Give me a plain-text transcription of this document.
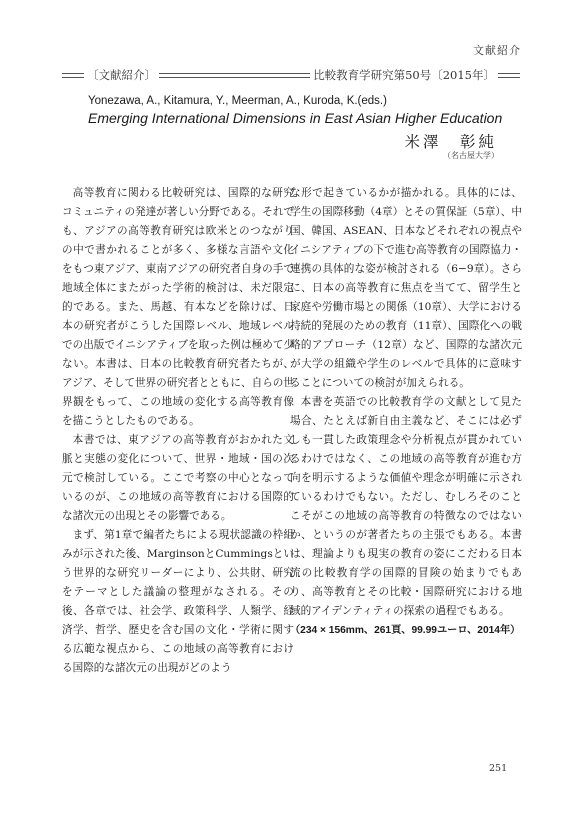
文献紹介
〔文献紹介〕	比較教育学研究第50号〔2015年〕
Yonezawa, A., Kitamura, Y., Meerman, A., Kuroda, K.(eds.)
Emerging International Dimensions in East Asian Higher Education
米澤　彰純
（名古屋大学）

高等教育に関わる比較研究は、国際的な研究コミュニティの発達が著しい分野である。それでも、アジアの高等教育研究は欧米とのつながりの中で書かれることが多く、多様な言語や文化をもつ東アジア、東南アジアの研究者自身の手で地域全体にまたがった学術的検討は、未だ限定的である。また、馬越、有本などを除けば、日本の研究者がこうした国際レベル、地域レベルでの出版でイニシアティブを取った例は極めて少ない。本書は、日本の比較教育研究者たちが、アジア、そして世界の研究者とともに、自らの世界観をもって、この地域の変化する高等教育像を描こうとしたものである。

本書では、東アジアの高等教育がおかれた文脈と実態の変化について、世界・地域・国の次元で検討している。ここで考察の中心となっているのが、この地域の高等教育における国際的な諸次元の出現とその影響である。

まず、第1章で編者たちによる現状認識の枠組みが示された後、MarginsonとCummingsという世界的な研究リーダーにより、公共財、研究をテーマとした議論の整理がなされる。その後、各章では、社会学、政策科学、人類学、経済学、哲学、歴史を含む国の文化・学術に関する広範な視点から、この地域の高等教育における国際的な諸次元の出現がどのよう

な形で起きているかが描かれる。具体的には、学生の国際移動（4章）とその質保証（5章）、中国、韓国、ASEAN、日本などそれぞれの視点やイニシアティブの下で進む高等教育の国際協力・連携の具体的な姿が検討される（6−9章）。さらに、日本の高等教育に焦点を当てて、留学生と家庭や労働市場との関係（10章）、大学における持続的発展のための教育（11章）、国際化への戦略的アプローチ（12章）など、国際的な諸次元が大学の組織や学生のレベルで具体的に意味することについての検討が加えられる。

本書を英語での比較教育学の文献として見た場合、たとえば新自由主義など、そこには必ずしも一貫した政策理念や分析視点が貫かれているわけではなく、この地域の高等教育が進む方向を明示するような価値や理念が明確に示されているわけでもない。ただし、むしろそのことこそがこの地域の高等教育の特徴なのではないか、というのが著者たちの主張でもある。本書は、理論よりも現実の教育の姿にこだわる日本流の比較教育学の国際的冒険の始まりでもあり、高等教育とその比較・国際研究における地域的アイデンティティの探索の過程でもある。

（234 × 156mm、261頁、99.99ユーロ、2014年）

251
